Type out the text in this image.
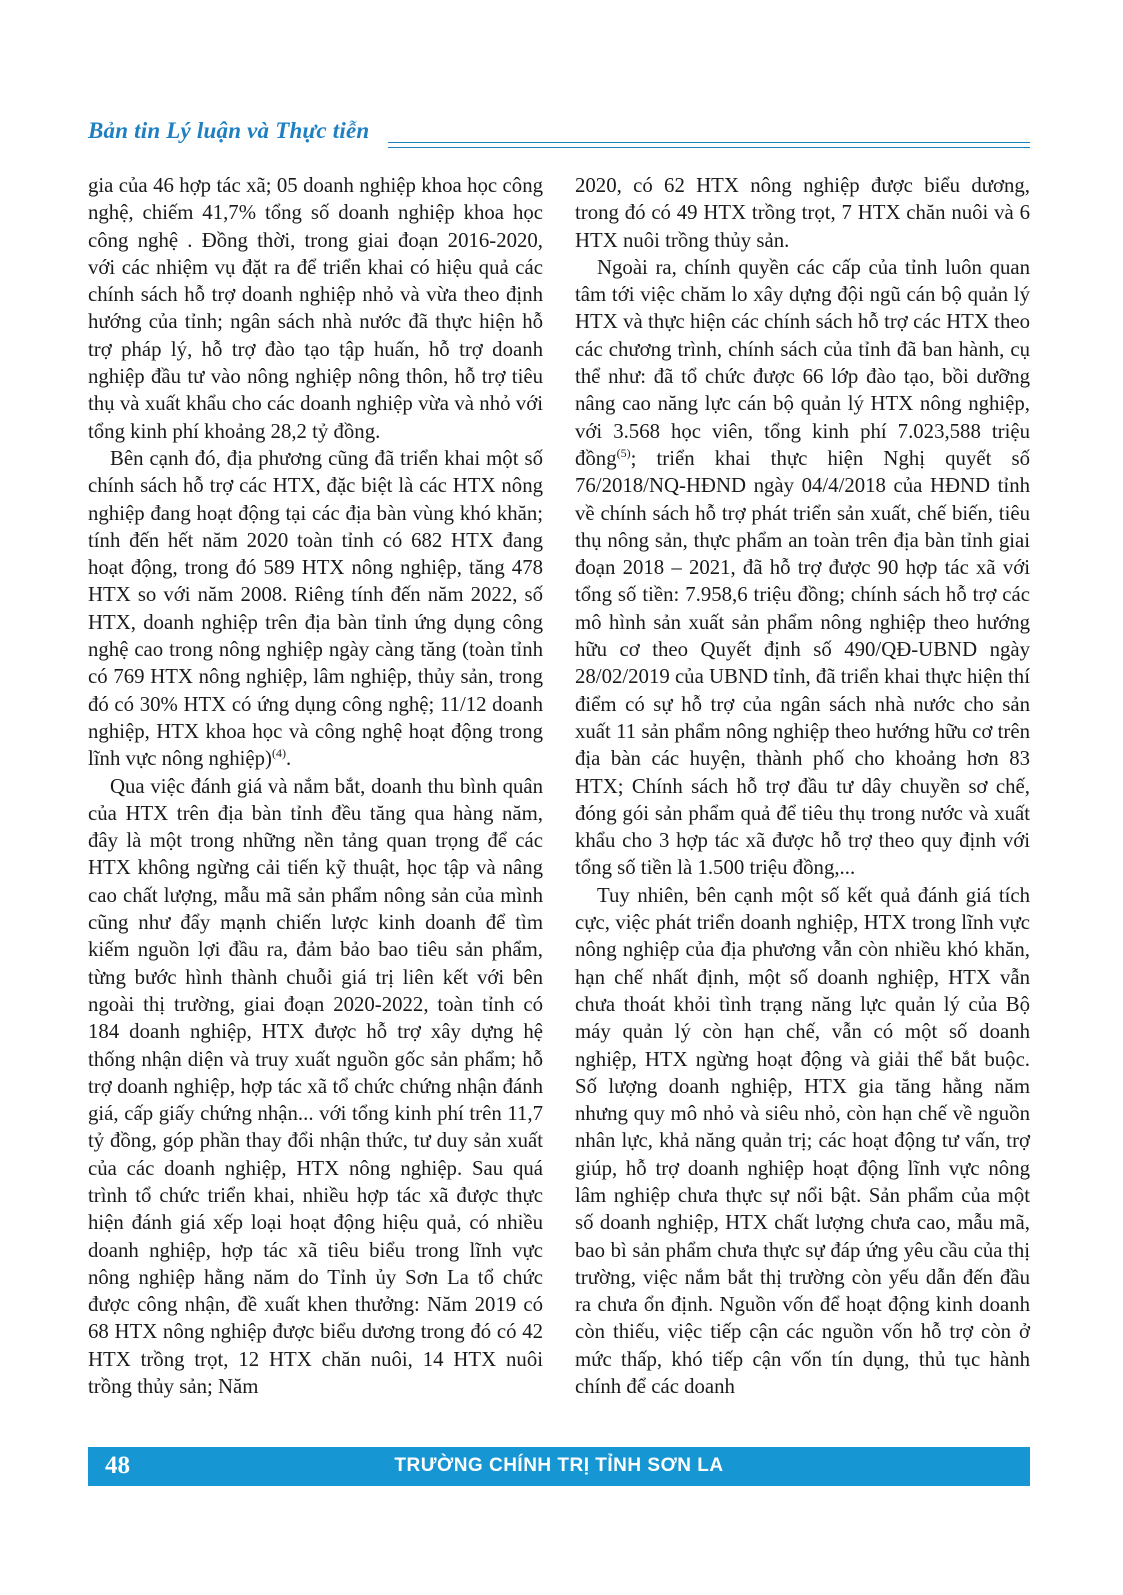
Bản tin Lý luận và Thực tiễn

gia của 46 hợp tác xã; 05 doanh nghiệp khoa học công nghệ, chiếm 41,7% tổng số doanh nghiệp khoa học công nghệ . Đồng thời, trong giai đoạn 2016-2020, với các nhiệm vụ đặt ra để triển khai có hiệu quả các chính sách hỗ trợ doanh nghiệp nhỏ và vừa theo định hướng của tỉnh; ngân sách nhà nước đã thực hiện hỗ trợ pháp lý, hỗ trợ đào tạo tập huấn, hỗ trợ doanh nghiệp đầu tư vào nông nghiệp nông thôn, hỗ trợ tiêu thụ và xuất khẩu cho các doanh nghiệp vừa và nhỏ với tổng kinh phí khoảng 28,2 tỷ đồng.

Bên cạnh đó, địa phương cũng đã triển khai một số chính sách hỗ trợ các HTX, đặc biệt là các HTX nông nghiệp đang hoạt động tại các địa bàn vùng khó khăn; tính đến hết năm 2020 toàn tỉnh có 682 HTX đang hoạt động, trong đó 589 HTX nông nghiệp, tăng 478 HTX so với năm 2008. Riêng tính đến năm 2022, số HTX, doanh nghiệp trên địa bàn tỉnh ứng dụng công nghệ cao trong nông nghiệp ngày càng tăng (toàn tỉnh có 769 HTX nông nghiệp, lâm nghiệp, thủy sản, trong đó có 30% HTX có ứng dụng công nghệ; 11/12 doanh nghiệp, HTX khoa học và công nghệ hoạt động trong lĩnh vực nông nghiệp)$^{(4)}$.

Qua việc đánh giá và nắm bắt, doanh thu bình quân của HTX trên địa bàn tỉnh đều tăng qua hàng năm, đây là một trong những nền tảng quan trọng để các HTX không ngừng cải tiến kỹ thuật, học tập và nâng cao chất lượng, mẫu mã sản phẩm nông sản của mình cũng như đẩy mạnh chiến lược kinh doanh để tìm kiếm nguồn lợi đầu ra, đảm bảo bao tiêu sản phẩm, từng bước hình thành chuỗi giá trị liên kết với bên ngoài thị trường, giai đoạn 2020-2022, toàn tỉnh có 184 doanh nghiệp, HTX được hỗ trợ xây dựng hệ thống nhận diện và truy xuất nguồn gốc sản phẩm; hỗ trợ doanh nghiệp, hợp tác xã tổ chức chứng nhận đánh giá, cấp giấy chứng nhận... với tổng kinh phí trên 11,7 tỷ đồng, góp phần thay đổi nhận thức, tư duy sản xuất của các doanh nghiệp, HTX nông nghiệp. Sau quá trình tổ chức triển khai, nhiều hợp tác xã được thực hiện đánh giá xếp loại hoạt động hiệu quả, có nhiều doanh nghiệp, hợp tác xã tiêu biểu trong lĩnh vực nông nghiệp hằng năm do Tỉnh ủy Sơn La tổ chức được công nhận, đề xuất khen thưởng: Năm 2019 có 68 HTX nông nghiệp được biểu dương trong đó có 42 HTX trồng trọt, 12 HTX chăn nuôi, 14 HTX nuôi trồng thủy sản; Năm

2020, có 62 HTX nông nghiệp được biểu dương, trong đó có 49 HTX trồng trọt, 7 HTX chăn nuôi và 6 HTX nuôi trồng thủy sản.

Ngoài ra, chính quyền các cấp của tỉnh luôn quan tâm tới việc chăm lo xây dựng đội ngũ cán bộ quản lý HTX và thực hiện các chính sách hỗ trợ các HTX theo các chương trình, chính sách của tỉnh đã ban hành, cụ thể như: đã tổ chức được 66 lớp đào tạo, bồi dưỡng nâng cao năng lực cán bộ quản lý HTX nông nghiệp, với 3.568 học viên, tổng kinh phí 7.023,588 triệu đồng$^{(5)}$; triển khai thực hiện Nghị quyết số 76/2018/NQ-HĐND ngày 04/4/2018 của HĐND tỉnh về chính sách hỗ trợ phát triển sản xuất, chế biến, tiêu thụ nông sản, thực phẩm an toàn trên địa bàn tỉnh giai đoạn 2018 – 2021, đã hỗ trợ được 90 hợp tác xã với tổng số tiền: 7.958,6 triệu đồng; chính sách hỗ trợ các mô hình sản xuất sản phẩm nông nghiệp theo hướng hữu cơ theo Quyết định số 490/QĐ-UBND ngày 28/02/2019 của UBND tỉnh, đã triển khai thực hiện thí điểm có sự hỗ trợ của ngân sách nhà nước cho sản xuất 11 sản phẩm nông nghiệp theo hướng hữu cơ trên địa bàn các huyện, thành phố cho khoảng hơn 83 HTX; Chính sách hỗ trợ đầu tư dây chuyền sơ chế, đóng gói sản phẩm quả để tiêu thụ trong nước và xuất khẩu cho 3 hợp tác xã được hỗ trợ theo quy định với tổng số tiền là 1.500 triệu đồng,...

Tuy nhiên, bên cạnh một số kết quả đánh giá tích cực, việc phát triển doanh nghiệp, HTX trong lĩnh vực nông nghiệp của địa phương vẫn còn nhiều khó khăn, hạn chế nhất định, một số doanh nghiệp, HTX vẫn chưa thoát khỏi tình trạng năng lực quản lý của Bộ máy quản lý còn hạn chế, vẫn có một số doanh nghiệp, HTX ngừng hoạt động và giải thể bắt buộc. Số lượng doanh nghiệp, HTX gia tăng hằng năm nhưng quy mô nhỏ và siêu nhỏ, còn hạn chế về nguồn nhân lực, khả năng quản trị; các hoạt động tư vấn, trợ giúp, hỗ trợ doanh nghiệp hoạt động lĩnh vực nông lâm nghiệp chưa thực sự nổi bật. Sản phẩm của một số doanh nghiệp, HTX chất lượng chưa cao, mẫu mã, bao bì sản phẩm chưa thực sự đáp ứng yêu cầu của thị trường, việc nắm bắt thị trường còn yếu dẫn đến đầu ra chưa ổn định. Nguồn vốn để hoạt động kinh doanh còn thiếu, việc tiếp cận các nguồn vốn hỗ trợ còn ở mức thấp, khó tiếp cận vốn tín dụng, thủ tục hành chính để các doanh

48	TRƯỜNG CHÍNH TRỊ TỈNH SƠN LA
